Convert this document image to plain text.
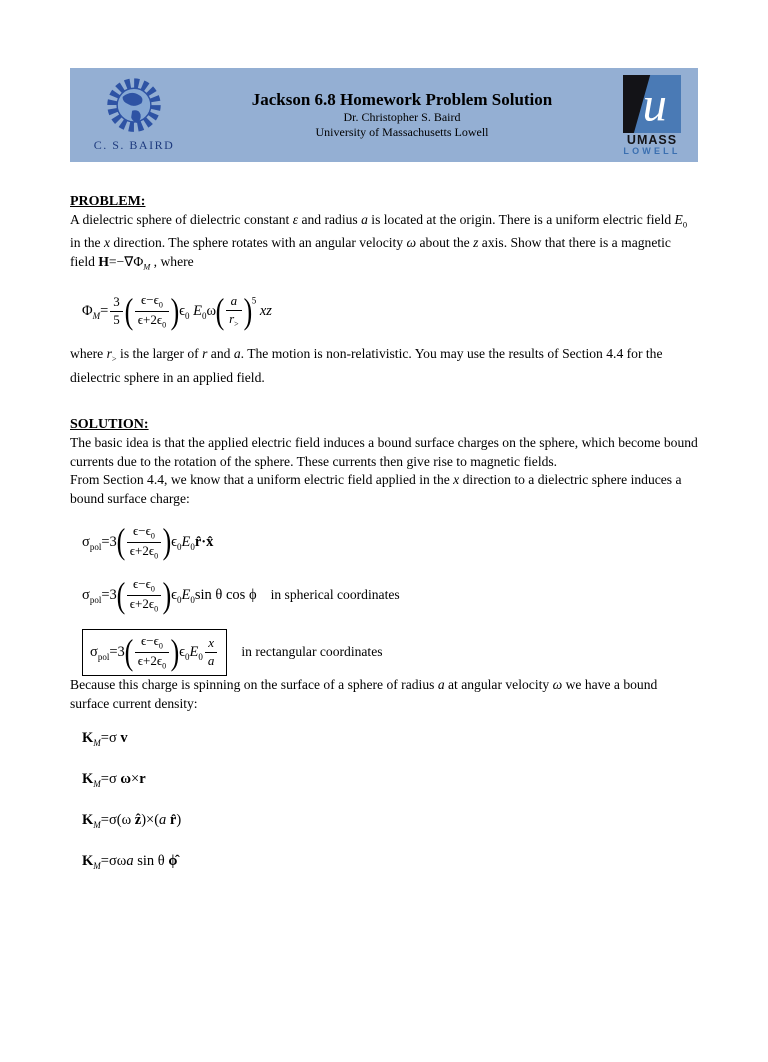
C. S. BAIRD
Jackson 6.8 Homework Problem Solution
Dr. Christopher S. Baird
University of Massachusetts Lowell
u
UMASS
LOWELL
PROBLEM:

A dielectric sphere of dielectric constant ε and radius a is located at the origin. There is a uniform electric field $E_0$ in the x direction. The sphere rotates with an angular velocity ω about the z axis. Show that there is a magnetic field $H=-\nabla\Phi_M$ , where

$\Phi_M= \frac{3}{5}$ ( $\frac{\epsilon-\epsilon_0}{\epsilon+2\epsilon_0} )\epsilon_0$ $E_0\omega( \frac{a}{r_>} )^5$ xz

where $r_>$ is the larger of r and a. The motion is non-relativistic. You may use the results of Section 4.4 for the dielectric sphere in an applied field.

SOLUTION:

The basic idea is that the applied electric field induces a bound surface charges on the sphere, which become bound currents due to the rotation of the sphere. These currents then give rise to magnetic fields.

From Section 4.4, we know that a uniform electric field applied in the x direction to a dielectric sphere induces a bound surface charge:

$\sigma_{pol}=3( \frac{\epsilon-\epsilon_0}{\epsilon+2\epsilon_0}$ )$\epsilon_0E_0r̂\cdot x̂$
$\sigma_{pol}=3( \frac{\epsilon-\epsilon_0}{\epsilon+2\epsilon_0} )\epsilon_0E_0\sin$ θ cos ϕ in spherical coordinates
$\sigma_{pol}=3( \frac{\epsilon-\epsilon_0}{\epsilon+2\epsilon_0} )\epsilon_0E_0 \frac{x}{a}$ in rectangular coordinates

Because this charge is spinning on the surface of a sphere of radius a at angular velocity ω we have a bound surface current density:

$K_M=\sigma$ v
$K_M=\sigma$ ω×r
$K_M=\sigma(\omega$ ẑ)×(a r̂)
$K_M=\sigma\omega a$ sin θ ϕ̂
